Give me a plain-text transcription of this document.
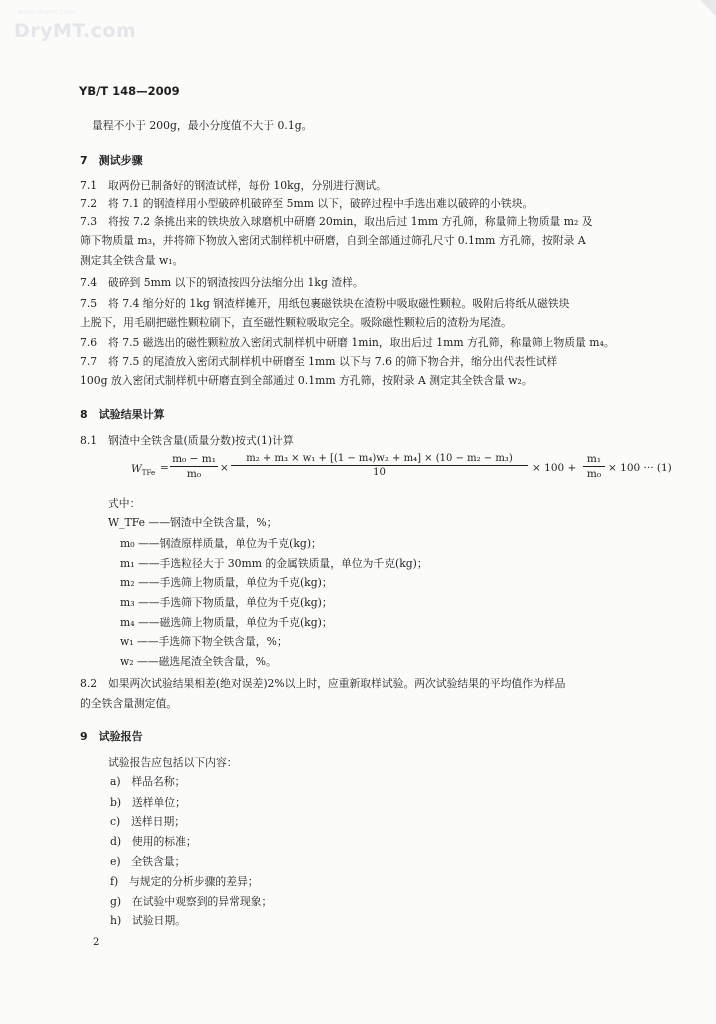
www.drymt.com
DryMT.com
YB/T 148—2009
量程不小于 200g，最小分度值不大于 0.1g。
7　测试步骤
7.1　取两份已制备好的钢渣试样，每份 10kg，分别进行测试。
7.2　将 7.1 的钢渣样用小型破碎机破碎至 5mm 以下，破碎过程中手选出难以破碎的小铁块。
7.3　将按 7.2 条挑出来的铁块放入球磨机中研磨 20min，取出后过 1mm 方孔筛，称量筛上物质量 m₂ 及
筛下物质量 m₃，并将筛下物放入密闭式制样机中研磨，自到全部通过筛孔尺寸 0.1mm 方孔筛，按附录 A
测定其全铁含量 w₁。
7.4　破碎到 5mm 以下的钢渣按四分法缩分出 1kg 渣样。
7.5　将 7.4 缩分好的 1kg 钢渣样摊开，用纸包裹磁铁块在渣粉中吸取磁性颗粒。吸附后将纸从磁铁块
上脱下，用毛刷把磁性颗粒刷下，直至磁性颗粒吸取完全。吸除磁性颗粒后的渣粉为尾渣。
7.6　将 7.5 磁选出的磁性颗粒放入密闭式制样机中研磨 1min，取出后过 1mm 方孔筛，称量筛上物质量 m₄。
7.7　将 7.5 的尾渣放入密闭式制样机中研磨至 1mm 以下与 7.6 的筛下物合并，缩分出代表性试样
100g 放入密闭式制样机中研磨直到全部通过 0.1mm 方孔筛，按附录 A 测定其全铁含量 w₂。
8　试验结果计算
8.1　钢渣中全铁含量(质量分数)按式(1)计算
$W_{TFe} = \frac{\text{m₀ − m₁}}{\text{m₀}} \times \frac{\text{m₂ + m₃ × w₁ + [(1 − m₄)w₂ + m₄] × (10 − m₂ − m₃)}}{10} \times 100 + \frac{\text{m₁}}{\text{m₀}} \times 100$ ··· (1)
式中：
W_TFe ——钢渣中全铁含量，%；
m₀ ——钢渣原样质量，单位为千克(kg)；
m₁ ——手选粒径大于 30mm 的金属铁质量，单位为千克(kg)；
m₂ ——手选筛上物质量，单位为千克(kg)；
m₃ ——手选筛下物质量，单位为千克(kg)；
m₄ ——磁选筛上物质量，单位为千克(kg)；
w₁ ——手选筛下物全铁含量，%；
w₂ ——磁选尾渣全铁含量，%。
8.2　如果两次试验结果相差(绝对误差)2%以上时，应重新取样试验。两次试验结果的平均值作为样品
的全铁含量测定值。
9　试验报告
试验报告应包括以下内容：
a)　样品名称；
b)　送样单位；
c)　送样日期；
d)　使用的标准；
e)　全铁含量；
f)　与规定的分析步骤的差异；
g)　在试验中观察到的异常现象；
h)　试验日期。
2
